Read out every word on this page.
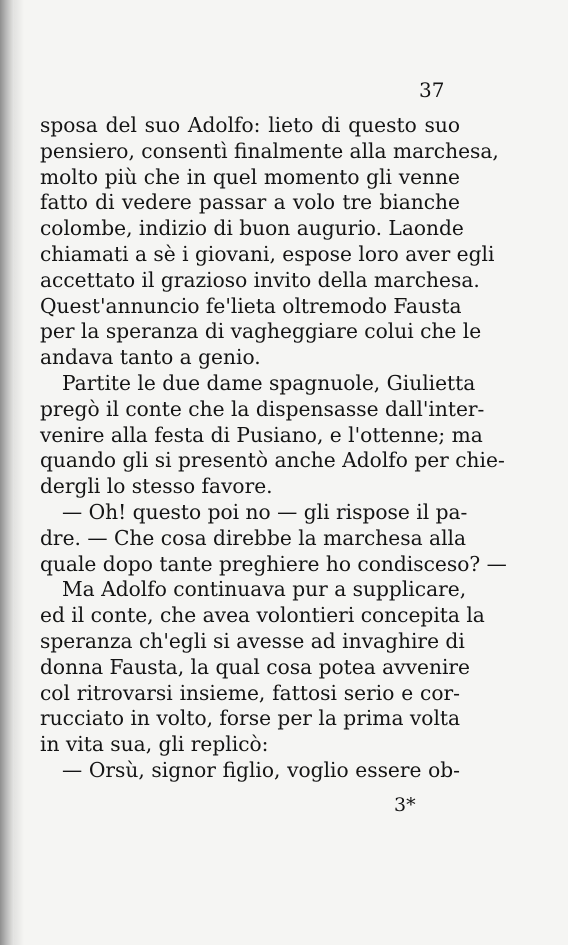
37
sposa del suo Adolfo: lieto di questo suo
pensiero, consentì finalmente alla marchesa,
molto più che in quel momento gli venne
fatto di vedere passar a volo tre bianche
colombe, indizio di buon augurio. Laonde
chiamati a sè i giovani, espose loro aver egli
accettato il grazioso invito della marchesa.
Quest'annuncio fe'lieta oltremodo Fausta
per la speranza di vagheggiare colui che le
andava tanto a genio.
Partite le due dame spagnuole, Giulietta
pregò il conte che la dispensasse dall'inter-
venire alla festa di Pusiano, e l'ottenne; ma
quando gli si presentò anche Adolfo per chie-
dergli lo stesso favore.
— Oh! questo poi no — gli rispose il pa-
dre. — Che cosa direbbe la marchesa alla
quale dopo tante preghiere ho condisceso? —
Ma Adolfo continuava pur a supplicare,
ed il conte, che avea volontieri concepita la
speranza ch'egli si avesse ad invaghire di
donna Fausta, la qual cosa potea avvenire
col ritrovarsi insieme, fattosi serio e cor-
rucciato in volto, forse per la prima volta
in vita sua, gli replicò:
— Orsù, signor figlio, voglio essere ob-
3*
